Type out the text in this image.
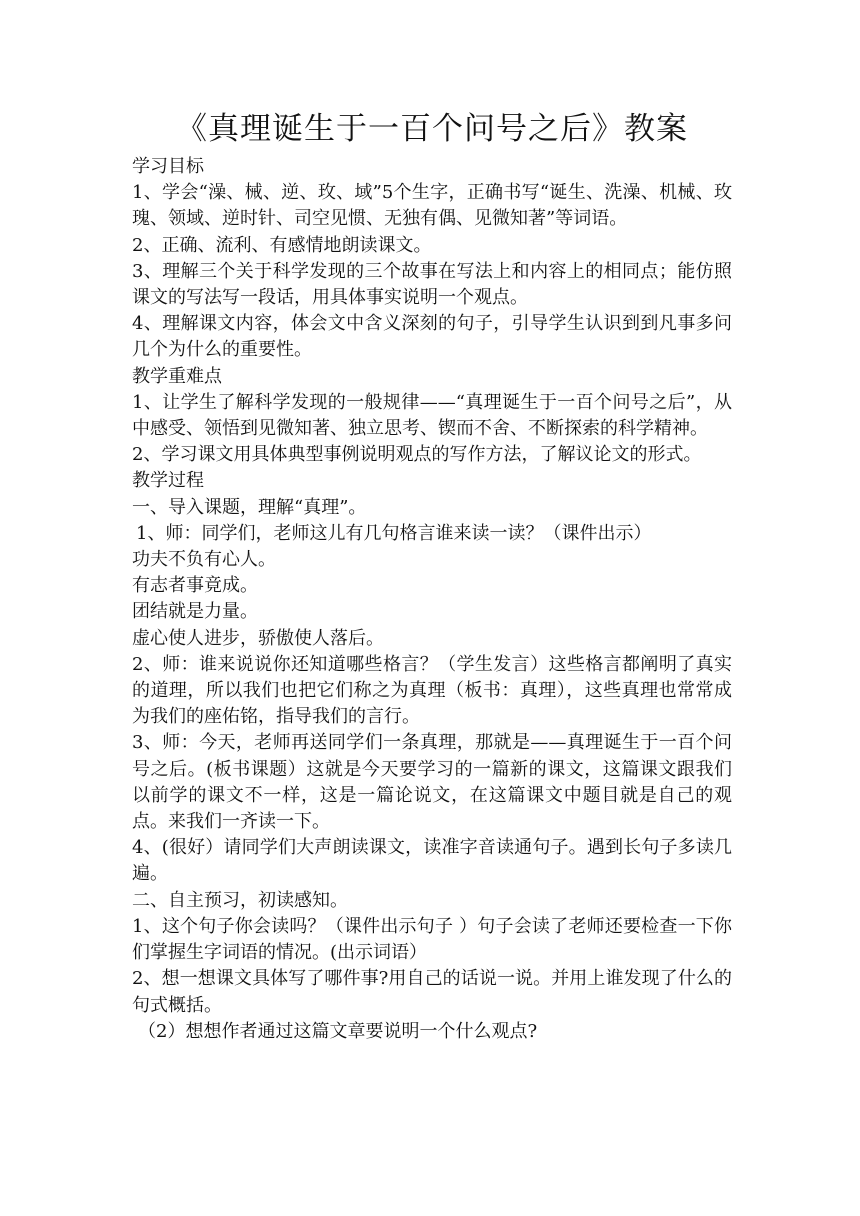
《真理诞生于一百个问号之后》教案

学习目标

1、学会“澡、械、逆、玫、域”5个生字，正确书写“诞生、洗澡、机械、玫瑰、领域、逆时针、司空见惯、无独有偶、见微知著”等词语。

2、正确、流利、有感情地朗读课文。

3、理解三个关于科学发现的三个故事在写法上和内容上的相同点；能仿照课文的写法写一段话，用具体事实说明一个观点。

4、理解课文内容，体会文中含义深刻的句子，引导学生认识到到凡事多问几个为什么的重要性。

教学重难点

1、让学生了解科学发现的一般规律——“真理诞生于一百个问号之后”，从中感受、领悟到见微知著、独立思考、锲而不舍、不断探索的科学精神。

2、学习课文用具体典型事例说明观点的写作方法，了解议论文的形式。

教学过程

一、导入课题，理解“真理”。

1、师：同学们，老师这儿有几句格言谁来读一读？（课件出示）

功夫不负有心人。

有志者事竟成。

团结就是力量。

虚心使人进步，骄傲使人落后。

2、师：谁来说说你还知道哪些格言？（学生发言）这些格言都阐明了真实的道理，所以我们也把它们称之为真理（板书：真理），这些真理也常常成为我们的座佑铭，指导我们的言行。

3、师：今天，老师再送同学们一条真理，那就是——真理诞生于一百个问号之后。(板书课题）这就是今天要学习的一篇新的课文，这篇课文跟我们以前学的课文不一样，这是一篇论说文，在这篇课文中题目就是自己的观点。来我们一齐读一下。

4、(很好）请同学们大声朗读课文，读准字音读通句子。遇到长句子多读几遍。

二、自主预习，初读感知。

1、这个句子你会读吗？（课件出示句子 ）句子会读了老师还要检查一下你们掌握生字词语的情况。(出示词语）

2、想一想课文具体写了哪件事?用自己的话说一说。并用上谁发现了什么的句式概括。

（2）想想作者通过这篇文章要说明一个什么观点?
